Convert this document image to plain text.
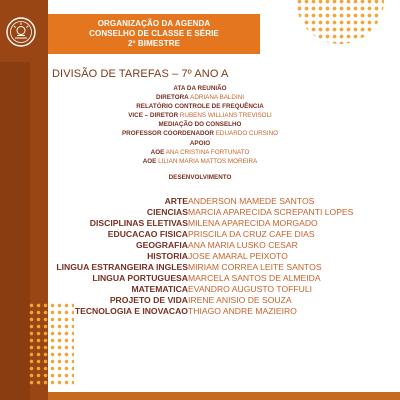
ORGANIZAÇÃO DA AGENDA
CONSELHO DE CLASSE E SÉRIE
2º BIMESTRE
DIVISÃO DE TAREFAS – 7º ANO A
ATA DA REUNIÃO
DIRETORA ADRIANA BALDINI
RELATÓRIO CONTROLE DE FREQUÊNCIA
VICE – DIRETOR RUBENS WILLIANS TREVISOLI
MEDIAÇÃO DO CONSELHO
PROFESSOR COORDENADOR EDUARDO CURSINO
APOIO
AOE ANA CRISTINA FORTUNATO
AOE LILIAN MARIA MATTOS MOREIRA
DESENVOLVIMENTO
ARTE ANDERSON MAMEDE SANTOS
CIENCIAS MARCIA APARECIDA SCREPANTI LOPES
DISCIPLINAS ELETIVAS MILENA APARECIDA MORGADO
EDUCACAO FISICA PRISCILA DA CRUZ CAFE DIAS
GEOGRAFIA ANA MARIA LUSKO CESAR
HISTORIA JOSE AMARAL PEIXOTO
LINGUA ESTRANGEIRA INGLES MIRIAM CORREA LEITE SANTOS
LINGUA PORTUGUESA MARCELA SANTOS DE ALMEIDA
MATEMATICA EVANDRO AUGUSTO TOFFULI
PROJETO DE VIDA IRENE ANISIO DE SOUZA
TECNOLOGIA E INOVACAO THIAGO ANDRE MAZIEIRO
